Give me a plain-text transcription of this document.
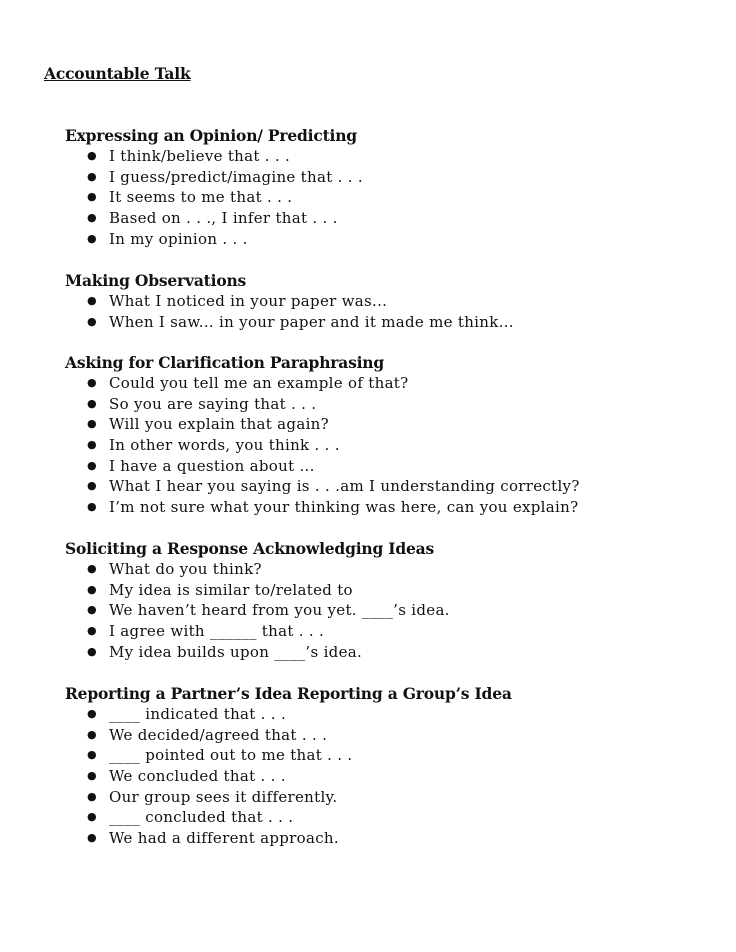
Accountable Talk
Expressing an Opinion/ Predicting
● I think/believe that . . .
● I guess/predict/imagine that . . .
● It seems to me that . . .
● Based on . . ., I infer that . . .
● In my opinion . . .
Making Observations
● What I noticed in your paper was...
● When I saw... in your paper and it made me think...
Asking for Clarification Paraphrasing
● Could you tell me an example of that?
● So you are saying that . . .
● Will you explain that again?
● In other words, you think . . .
● I have a question about ...
● What I hear you saying is . . .am I understanding correctly?
● I’m not sure what your thinking was here, can you explain?
Soliciting a Response Acknowledging Ideas
● What do you think?
● My idea is similar to/related to
● We haven’t heard from you yet. ____’s idea.
● I agree with ______ that . . .
● My idea builds upon ____’s idea.
Reporting a Partner’s Idea Reporting a Group’s Idea
● ____ indicated that . . .
● We decided/agreed that . . .
● ____ pointed out to me that . . .
● We concluded that . . .
● Our group sees it differently.
● ____ concluded that . . .
● We had a different approach.
